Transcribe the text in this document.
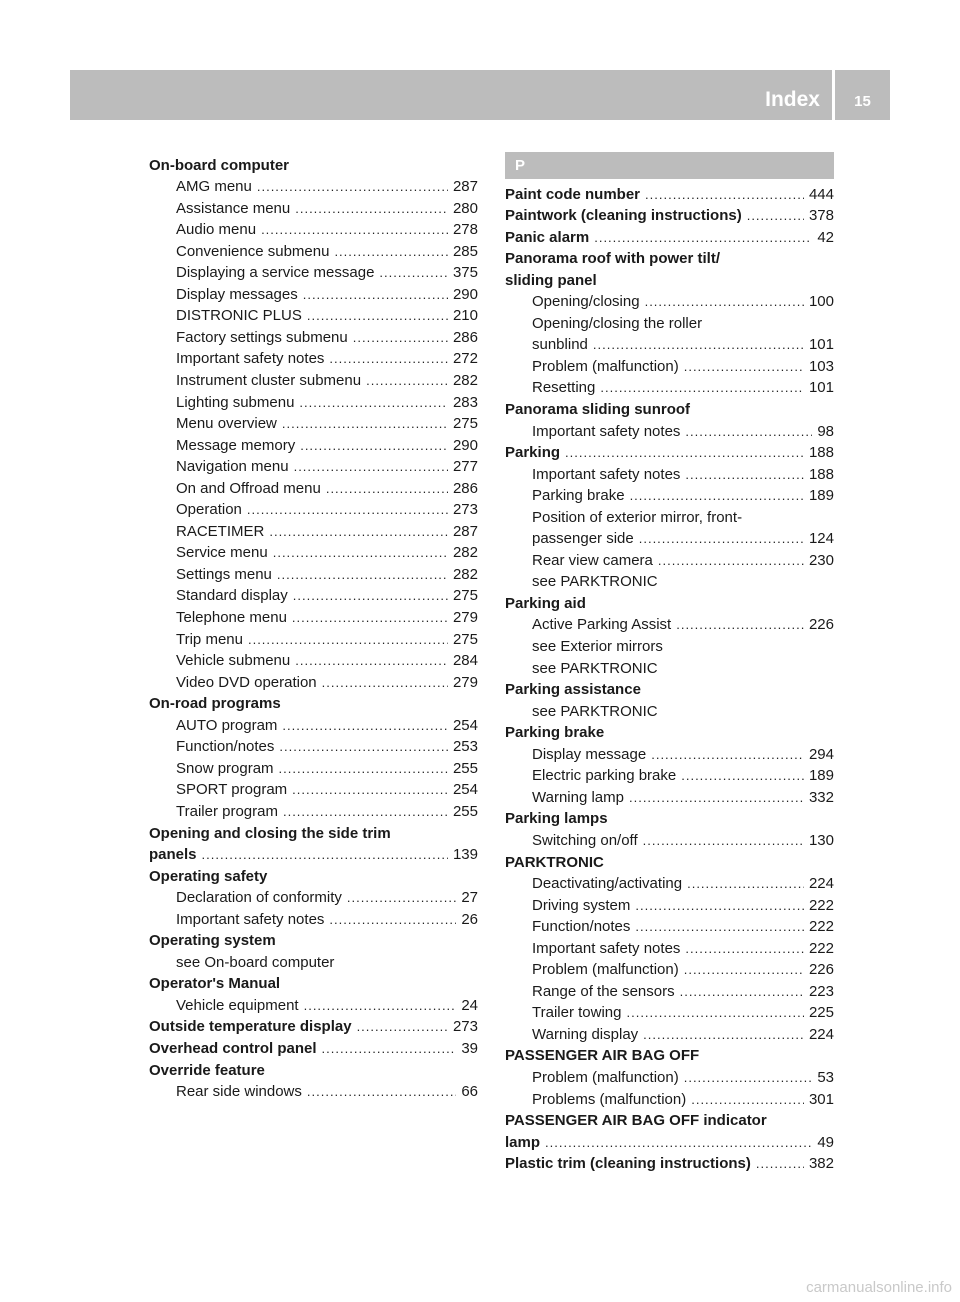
Index	15
On-board computer
AMG menu .....	287
Assistance menu .....	280
Audio menu .....	278
Convenience submenu .....	285
Displaying a service message .....	375
Display messages .....	290
DISTRONIC PLUS .....	210
Factory settings submenu .....	286
Important safety notes .....	272
Instrument cluster submenu .....	282
Lighting submenu .....	283
Menu overview .....	275
Message memory .....	290
Navigation menu .....	277
On and Offroad menu .....	286
Operation .....	273
RACETIMER .....	287
Service menu .....	282
Settings menu .....	282
Standard display .....	275
Telephone menu .....	279
Trip menu .....	275
Vehicle submenu .....	284
Video DVD operation .....	279
On-road programs
AUTO program .....	254
Function/notes .....	253
Snow program .....	255
SPORT program .....	254
Trailer program .....	255
Opening and closing the side trim
panels .....	139
Operating safety
Declaration of conformity .....	27
Important safety notes .....	26
Operating system
see On-board computer
Operator's Manual
Vehicle equipment .....	24
Outside temperature display .....	273
Overhead control panel .....	39
Override feature
Rear side windows .....	66
P
Paint code number .....	444
Paintwork (cleaning instructions) .....	378
Panic alarm .....	42
Panorama roof with power tilt/
sliding panel
Opening/closing .....	100
Opening/closing the roller
sunblind .....	101
Problem (malfunction) .....	103
Resetting .....	101
Panorama sliding sunroof
Important safety notes .....	98
Parking .....	188
Important safety notes .....	188
Parking brake .....	189
Position of exterior mirror, front-
passenger side .....	124
Rear view camera .....	230
see PARKTRONIC
Parking aid
Active Parking Assist .....	226
see Exterior mirrors
see PARKTRONIC
Parking assistance
see PARKTRONIC
Parking brake
Display message .....	294
Electric parking brake .....	189
Warning lamp .....	332
Parking lamps
Switching on/off .....	130
PARKTRONIC
Deactivating/activating .....	224
Driving system .....	222
Function/notes .....	222
Important safety notes .....	222
Problem (malfunction) .....	226
Range of the sensors .....	223
Trailer towing .....	225
Warning display .....	224
PASSENGER AIR BAG OFF
Problem (malfunction) .....	53
Problems (malfunction) .....	301
PASSENGER AIR BAG OFF indicator
lamp .....	49
Plastic trim (cleaning instructions) .....	382
carmanualsonline.info
